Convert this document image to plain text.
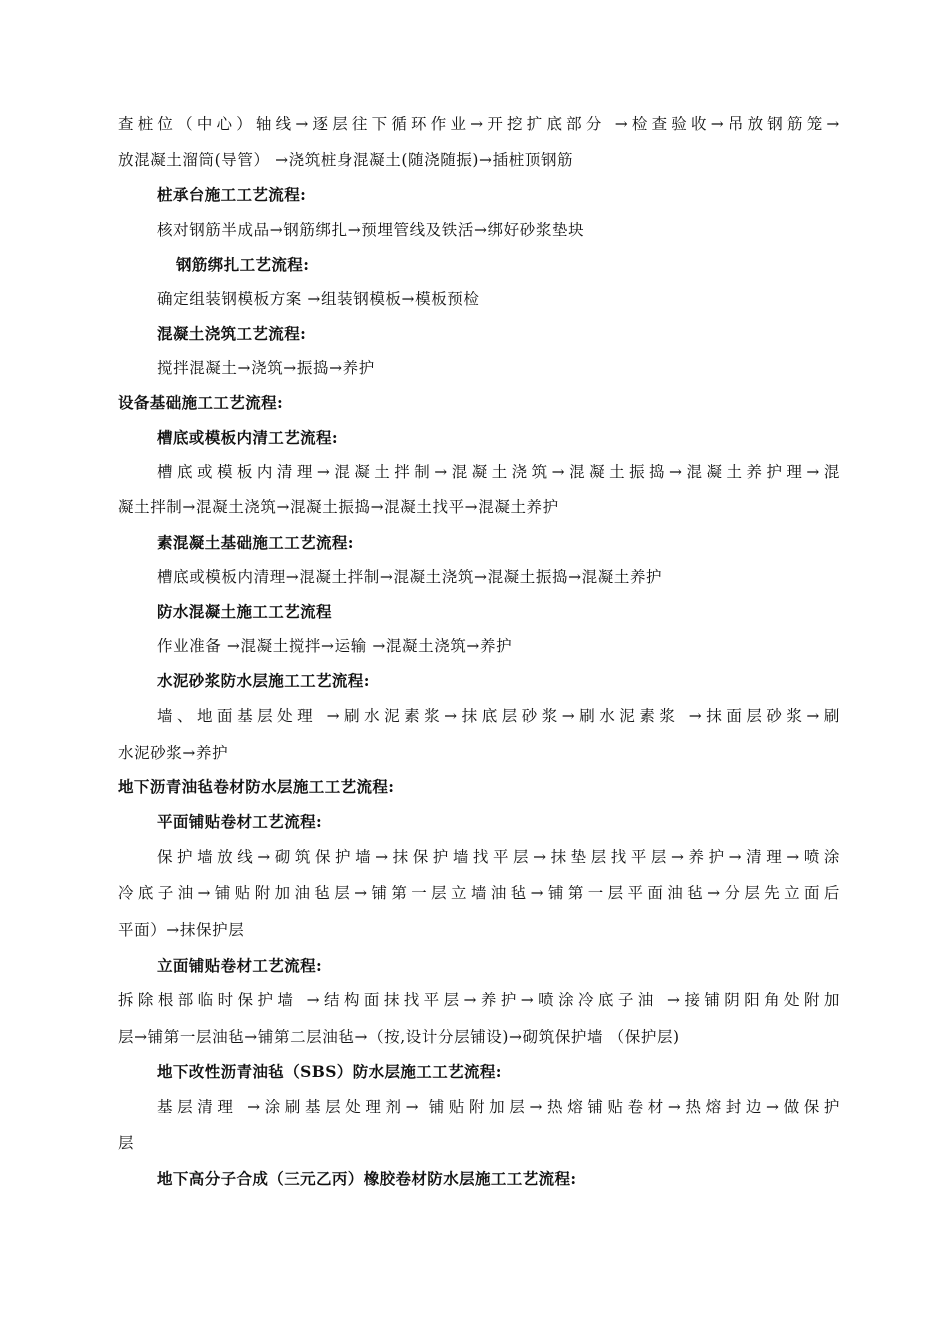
查桩位（中心）轴线→逐层往下循环作业→开挖扩底部分 →检查验收→吊放钢筋笼→
放混凝土溜筒(导管） →浇筑桩身混凝土(随浇随振)→插桩顶钢筋
桩承台施工工艺流程:
核对钢筋半成品→钢筋绑扎→预埋管线及铁活→绑好砂浆垫块
钢筋绑扎工艺流程:
确定组装钢模板方案 →组装钢模板→模板预检
混凝土浇筑工艺流程:
搅拌混凝土→浇筑→振捣→养护
设备基础施工工艺流程:
槽底或模板内清工艺流程:
槽底或模板内清理→混凝土拌制→混凝土浇筑→混凝土振捣→混凝土养护理→混
凝土拌制→混凝土浇筑→混凝土振捣→混凝土找平→混凝土养护
素混凝土基础施工工艺流程:
槽底或模板内清理→混凝土拌制→混凝土浇筑→混凝土振捣→混凝土养护
防水混凝土施工工艺流程
作业准备 →混凝土搅拌→运输 →混凝土浇筑→养护
水泥砂浆防水层施工工艺流程:
墙、地面基层处理 →刷水泥素浆→抹底层砂浆→刷水泥素浆 →抹面层砂浆→刷
水泥砂浆→养护
地下沥青油毡卷材防水层施工工艺流程:
平面铺贴卷材工艺流程:
保护墙放线→砌筑保护墙→抹保护墙找平层→抹垫层找平层→养护→清理→喷涂
冷底子油→铺贴附加油毡层→铺第一层立墙油毡→铺第一层平面油毡→分层先立面后
平面）→抹保护层
立面铺贴卷材工艺流程:
拆除根部临时保护墙 →结构面抹找平层→养护→喷涂冷底子油 →接铺阴阳角处附加
层→铺第一层油毡→铺第二层油毡→（按,设计分层铺设)→砌筑保护墙 （保护层)
地下改性沥青油毡（SBS）防水层施工工艺流程:
基层清理 →涂刷基层处理剂→ 铺贴附加层→热熔铺贴卷材→热熔封边→做保护
层
地下高分子合成（三元乙丙）橡胶卷材防水层施工工艺流程:
